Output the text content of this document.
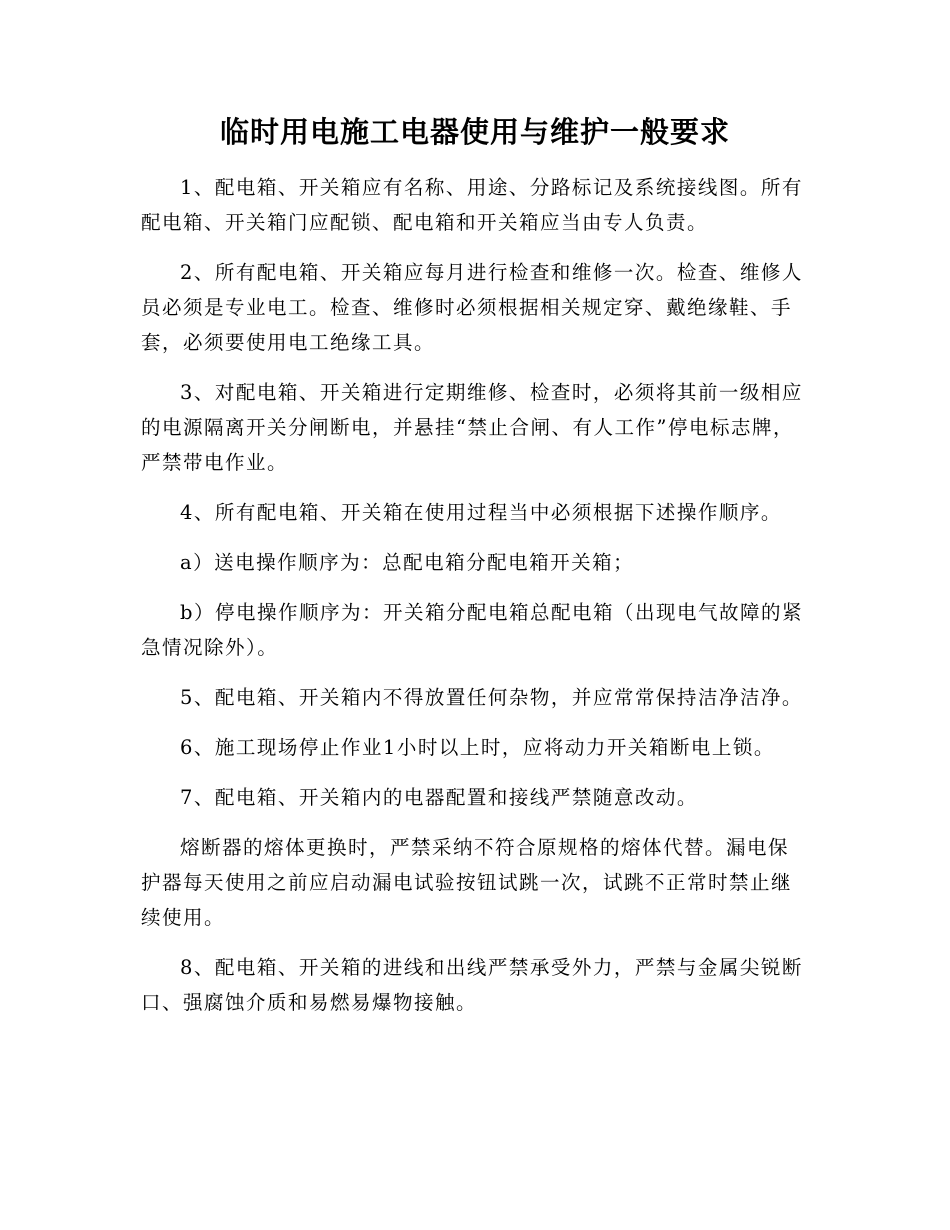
临时用电施工电器使用与维护一般要求

1、配电箱、开关箱应有名称、用途、分路标记及系统接线图。所有配电箱、开关箱门应配锁、配电箱和开关箱应当由专人负责。

2、所有配电箱、开关箱应每月进行检查和维修一次。检查、维修人员必须是专业电工。检查、维修时必须根据相关规定穿、戴绝缘鞋、手套，必须要使用电工绝缘工具。

3、对配电箱、开关箱进行定期维修、检查时，必须将其前一级相应的电源隔离开关分闸断电，并悬挂“禁止合闸、有人工作”停电标志牌，严禁带电作业。

4、所有配电箱、开关箱在使用过程当中必须根据下述操作顺序。

a）送电操作顺序为：总配电箱分配电箱开关箱；

b）停电操作顺序为：开关箱分配电箱总配电箱（出现电气故障的紧急情况除外）。

5、配电箱、开关箱内不得放置任何杂物，并应常常保持洁净洁净。

6、施工现场停止作业1小时以上时，应将动力开关箱断电上锁。

7、配电箱、开关箱内的电器配置和接线严禁随意改动。

熔断器的熔体更换时，严禁采纳不符合原规格的熔体代替。漏电保护器每天使用之前应启动漏电试验按钮试跳一次，试跳不正常时禁止继续使用。

8、配电箱、开关箱的进线和出线严禁承受外力，严禁与金属尖锐断口、强腐蚀介质和易燃易爆物接触。
